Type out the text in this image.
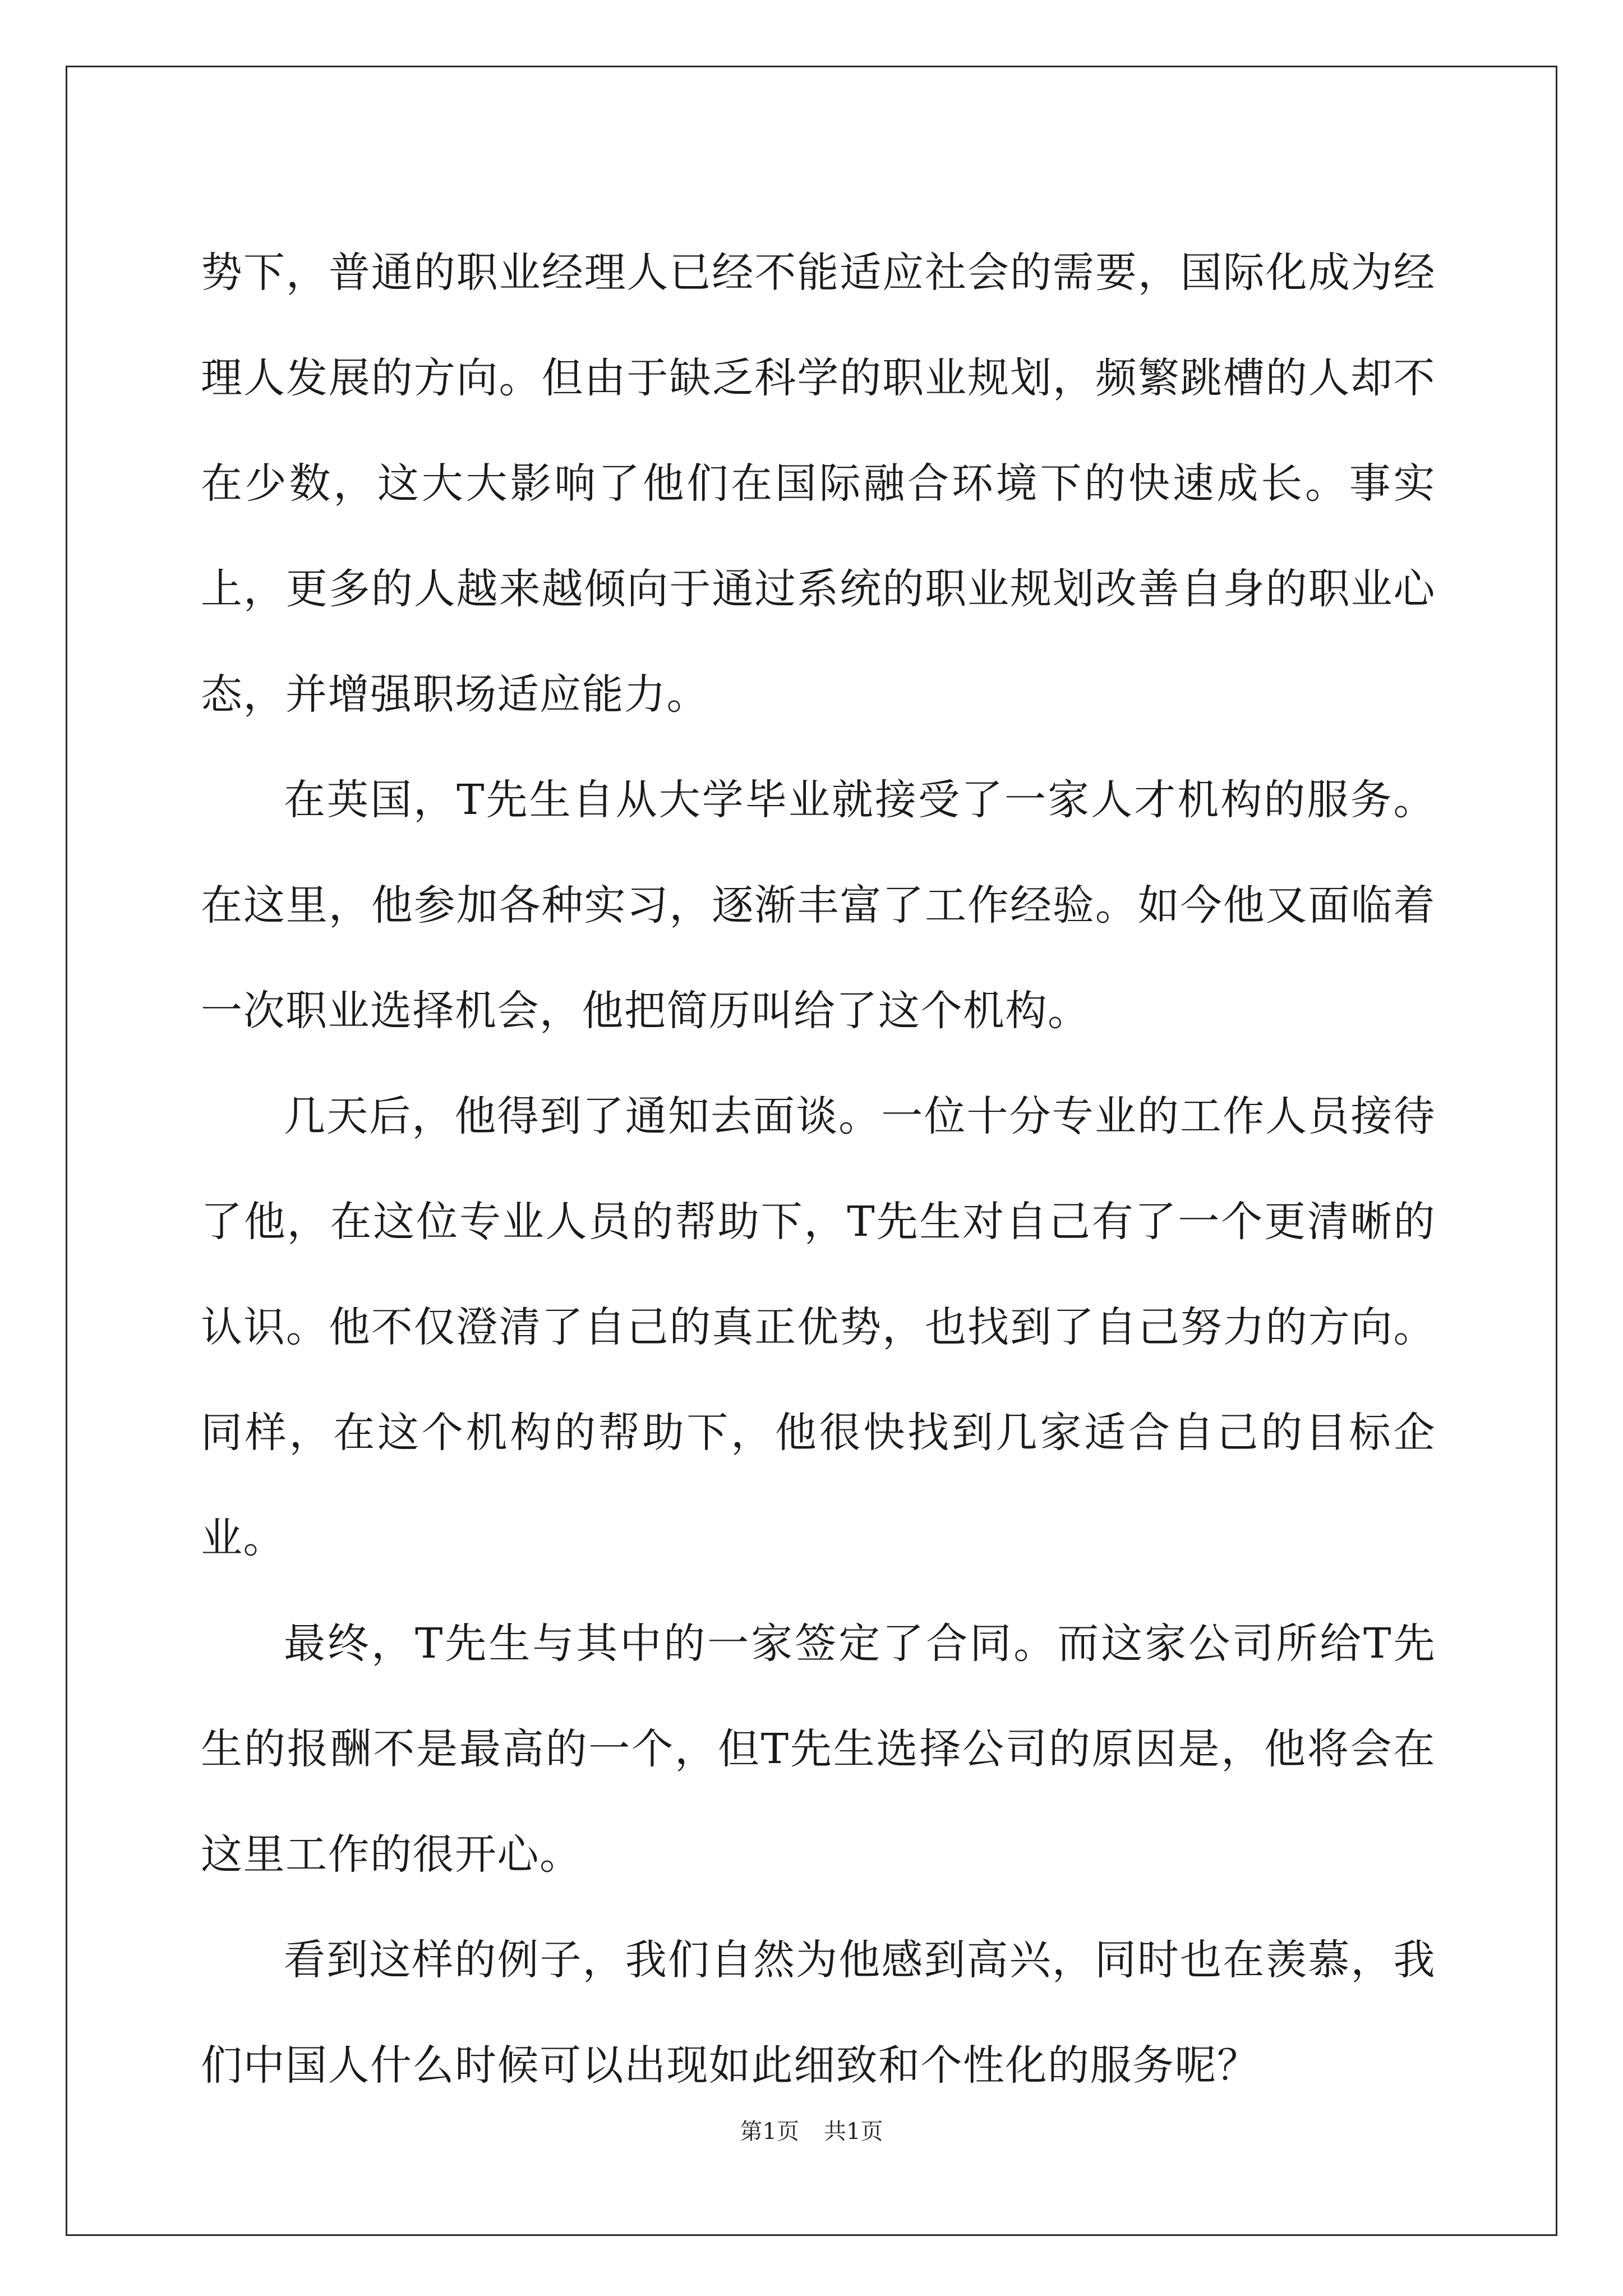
势下，普通的职业经理人已经不能适应社会的需要，国际化成为经理人发展的方向。但由于缺乏科学的职业规划，频繁跳槽的人却不在少数，这大大影响了他们在国际融合环境下的快速成长。事实上，更多的人越来越倾向于通过系统的职业规划改善自身的职业心态，并增强职场适应能力。

在英国，T先生自从大学毕业就接受了一家人才机构的服务。在这里，他参加各种实习，逐渐丰富了工作经验。如今他又面临着一次职业选择机会，他把简历叫给了这个机构。

几天后，他得到了通知去面谈。一位十分专业的工作人员接待了他，在这位专业人员的帮助下，T先生对自己有了一个更清晰的认识。他不仅澄清了自己的真正优势，也找到了自己努力的方向。同样，在这个机构的帮助下，他很快找到几家适合自己的目标企业。

最终，T先生与其中的一家签定了合同。而这家公司所给T先生的报酬不是最高的一个，但T先生选择公司的原因是，他将会在这里工作的很开心。

看到这样的例子，我们自然为他感到高兴，同时也在羡慕，我们中国人什么时候可以出现如此细致和个性化的服务呢？

第1页 共1页
